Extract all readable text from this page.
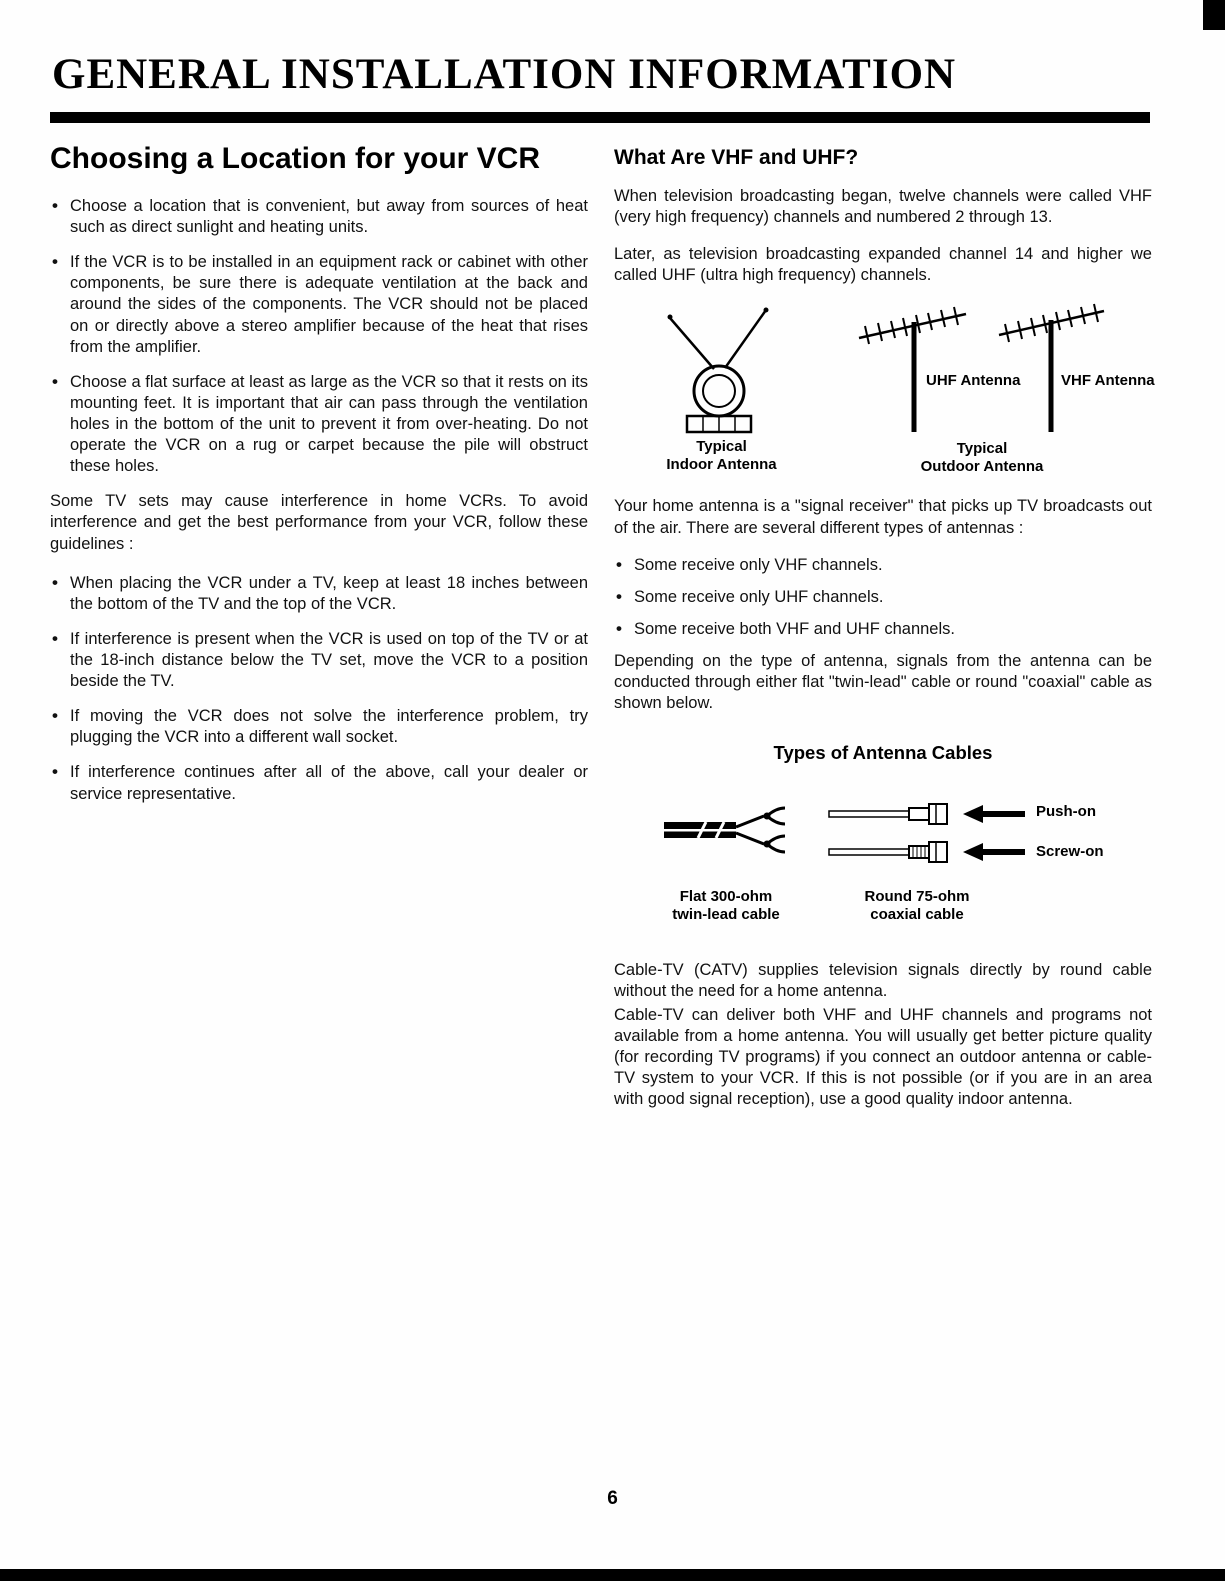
GENERAL INSTALLATION INFORMATION
Choosing a Location for your VCR
• Choose a location that is convenient, but away from sources of heat such as direct sunlight and heating units.
• If the VCR is to be installed in an equipment rack or cabinet with other components, be sure there is adequate ventilation at the back and around the sides of the components. The VCR should not be placed on or directly above a stereo amplifier because of the heat that rises from the amplifier.
• Choose a flat surface at least as large as the VCR so that it rests on its mounting feet. It is important that air can pass through the ventilation holes in the bottom of the unit to prevent it from over-heating. Do not operate the VCR on a rug or carpet because the pile will obstruct these holes.

Some TV sets may cause interference in home VCRs. To avoid interference and get the best performance from your VCR, follow these guidelines :

• When placing the VCR under a TV, keep at least 18 inches between the bottom of the TV and the top of the VCR.
• If interference is present when the VCR is used on top of the TV or at the 18-inch distance below the TV set, move the VCR to a position beside the TV.
• If moving the VCR does not solve the interference problem, try plugging the VCR into a different wall socket.
• If interference continues after all of the above, call your dealer or service representative.
What Are VHF and UHF?

When television broadcasting began, twelve channels were called VHF (very high frequency) channels and numbered 2 through 13.

Later, as television broadcasting expanded channel 14 and higher we called UHF (ultra high frequency) channels.

UHF Antenna	VHF Antenna
Typical
Indoor Antenna
Typical
Outdoor Antenna

Your home antenna is a "signal receiver" that picks up TV broadcasts out of the air. There are several different types of antennas :

• Some receive only VHF channels.
• Some receive only UHF channels.
• Some receive both VHF and UHF channels.

Depending on the type of antenna, signals from the antenna can be conducted through either flat "twin-lead" cable or round "coaxial" cable as shown below.

Types of Antenna Cables
Push-on
Screw-on
Flat 300-ohm
twin-lead cable
Round 75-ohm
coaxial cable

Cable-TV (CATV) supplies television signals directly by round cable without the need for a home antenna.

Cable-TV can deliver both VHF and UHF channels and programs not available from a home antenna. You will usually get better picture quality (for recording TV programs) if you connect an outdoor antenna or cable-TV system to your VCR. If this is not possible (or if you are in an area with good signal reception), use a good quality indoor antenna.

6
